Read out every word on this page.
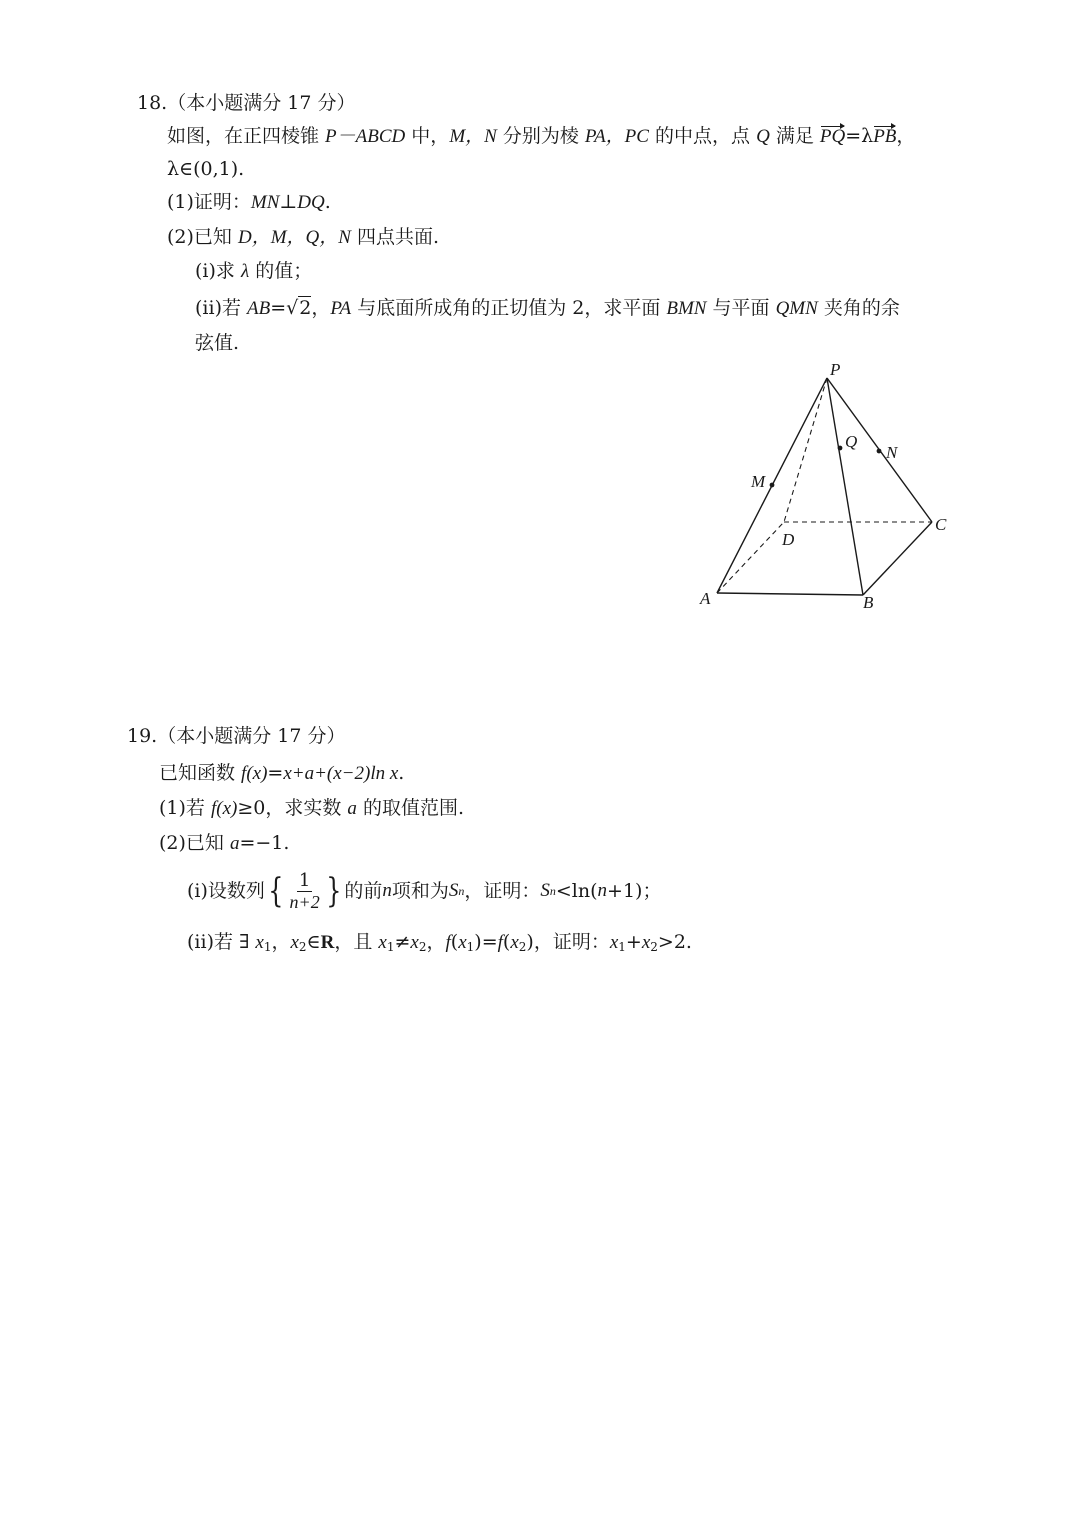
18.（本小题满分 17 分）
如图，在正四棱锥 P－ABCD 中，M，N 分别为棱 PA，PC 的中点，点 Q 满足 PQ=λPB，
λ∈(0,1).
(1)证明：MN⊥DQ.
(2)已知 D，M，Q，N 四点共面.
(i)求 λ 的值；
(ii)若 AB=√2，PA 与底面所成角的正切值为 2，求平面 BMN 与平面 QMN 夹角的余
弦值.
P
Q
N
M
D
C
A	B
19.（本小题满分 17 分）
已知函数 f(x)=x+a+(x−2)ln x.
(1)若 f(x)≥0，求实数 a 的取值范围.
(2)已知 a=−1.
(i)设数列 { $\frac{1}{n+2}$ } 的前 n 项和为 S n ，证明： S n <ln( n +1)；
(ii)若 ∃ $x_1$，$x_2\in R$，且 $x_1\ne x_2$，$f(x_1)=f(x_2)$，证明：$x_1+x_2>2$.
